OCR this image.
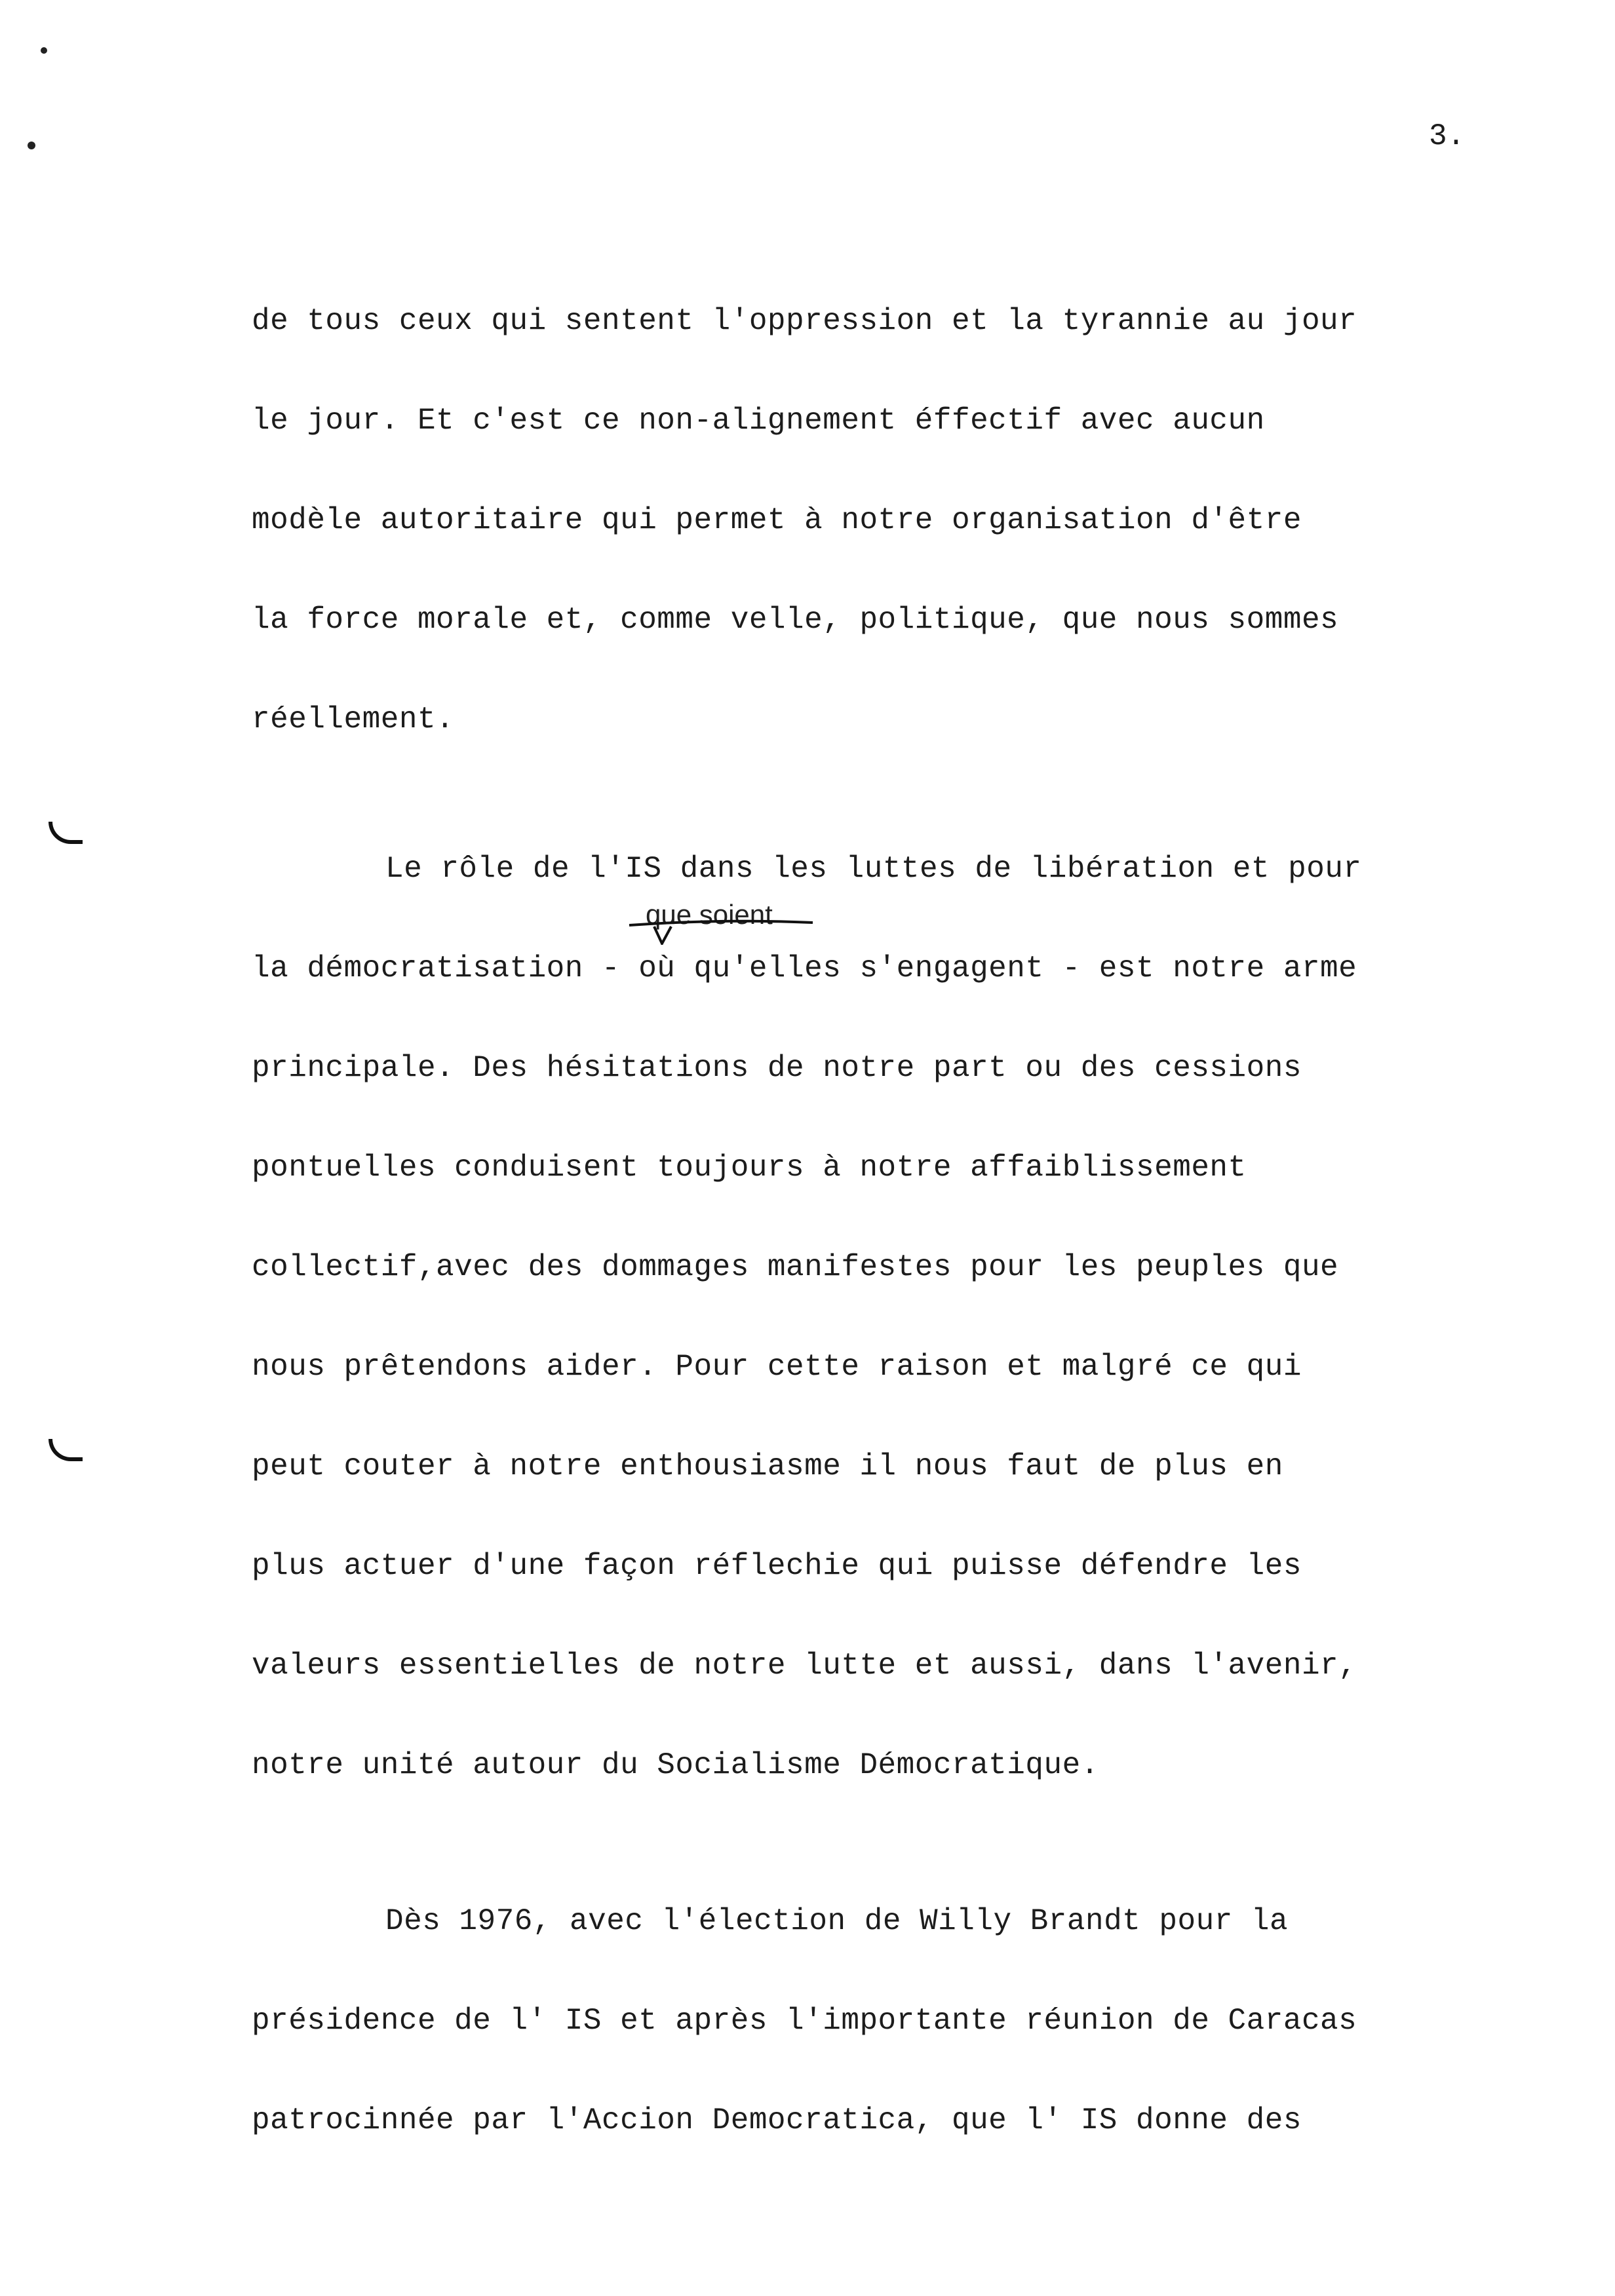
3.
de tous ceux qui sentent l'oppression et la tyrannie au jour
le jour. Et c'est ce non-alignement éffectif avec aucun
modèle autoritaire qui permet à notre organisation d'être
la force morale et, comme velle, politique, que nous sommes
réellement.
Le rôle de l'IS dans les luttes de libération et pour
que soient
la démocratisation - où qu'elles s'engagent - est notre arme
principale. Des hésitations de notre part ou des cessions
pontuelles conduisent toujours à notre affaiblissement
collectif,avec des dommages manifestes pour les peuples que
nous prêtendons aider. Pour cette raison et malgré ce qui
peut couter à notre enthousiasme il nous faut de plus en
plus actuer d'une façon réflechie qui puisse défendre les
valeurs essentielles de notre lutte et aussi, dans l'avenir,
notre unité autour du Socialisme Démocratique.
Dès 1976, avec l'élection de Willy Brandt pour la
présidence de l' IS et après l'importante réunion de Caracas
patrocinnée par l'Accion Democratica, que l' IS donne des
